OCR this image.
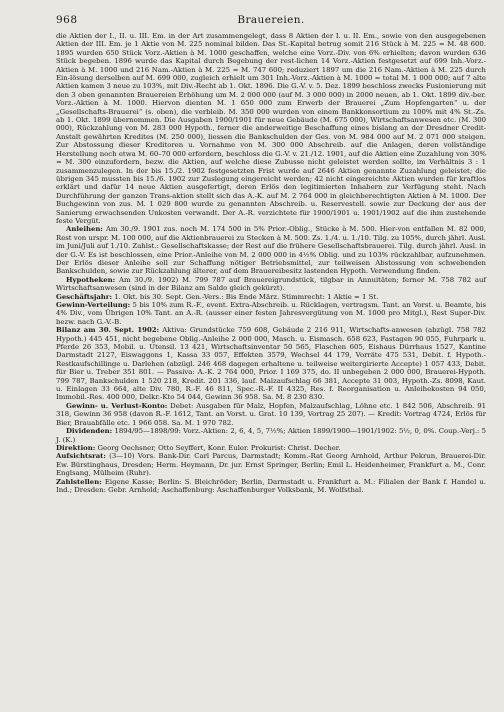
968	Brauereien.

die Aktien der I., II. u. III. Em. in der Art zusammengelegt, dass 8 Aktien der I. u. II. Em., sowie von den ausgegebenen Aktien der III. Em. je 1 Aktie von M. 225 nominal bilden. Das St.-Kapital betrug somit 216 Stück à M. 225 = M. 48 600. 1895 wurden 650 Stück Vorz.-Aktien à M. 1000 geschaffen, welche eine Vorz.-Div. von 6% erhielten; davon wurden 636 Stück begeben. 1896 wurde das Kapital durch Begebung der rest-lichen 14 Vorz.-Aktien festgesetzt auf 699 Inh.-Vorz.-Aktien à M. 1000 und 216 Nam.-Aktien à M. 225 = M. 747 600; reduziert 1897 um die 216 Nam.-Aktien à M. 225 durch Ein-lösung derselben auf M. 699 000, zugleich erhielt um 301 Inh.-Vorz.-Aktien à M. 1000 = total M. 1 000 000; auf 7 alte Aktien kamen 3 neue zu 103%, mit Div.-Recht ab 1. Okt. 1896. Die G.-V. v. 5. Dez. 1899 beschloss zwecks Fusionierung mit den 3 oben genannten Brauereien Erhöhung um M. 2 000 000 (auf M. 3 000 000) in 2000 neuen, ab 1. Okt. 1899 div.-ber. Vorz.-Aktien à M. 1000. Hiervon dienten M. 1 650 000 zum Erwerb der Brauerei „Zum Hopfengarten“ u. der „Gesellschafts-Brauerei“ (s. oben), die verbleib. M. 350 000 wurden von einem Bankkonsortium zu 100% mit 4% St.-Zs. ab 1. Okt. 1899 übernommen. Die Ausgaben 1900/1901 für neue Gebäude (M. 675 000), Wirtschaftsanwesen etc. (M. 300 000), Rückzahlung von M. 283 000 Hypoth., ferner die anderweitige Beschaffung eines bislang an der Dresdner Credit-Anstalt gewährten Kredites (M. 250 000), liessen die Bankschulden der Ges. von M. 984 000 auf M. 2 071 000 steigen. Zur Abstossung dieser Kreditoren u. Vornahme von M. 300 000 Abschreib. auf die Anlagen, deren vollständige Herstellung noch etwa M. 60–70 000 erfordern, beschloss die G.-V. v. 21./12. 1901, auf die Aktien eine Zuzahlung von 30% = M. 300 einzufordern, bezw. die Aktien, auf welche diese Zubusse nicht geleistet werden sollte, im Verhältnis 3 : 1 zusammenzulegen. In der bis 15./2. 1902 festgesetzten Frist wurde auf 2646 Aktien genannte Zuzahlung geleistet; die übrigen 345 mussten bis 15./6. 1902 zur Zuslegung eingereicht werden; 42 nicht eingereichte Aktien wurden für kraftlos erklärt und dafür 14 neue Aktien ausgefertigt, deren Erlös den legitimierten Inhabern zur Verfügung steht. Nach Durchführung der ganzen Trans-aktion stellt sich das A.-K. auf M. 2 764 000 in gleichberechtigten Aktien à M. 1000. Der Buchgewinn von zus. M. 1 029 800 wurde zu genannten Abschreib. u. Reservestell. sowie zur Deckung der aus der Sanierung erwachsenden Unkosten verwandt. Der A.-R. verzichtete für 1900/1901 u. 1901/1902 auf die ihm zustehende feste Vergüt.

Anleihen: Am 30./9. 1901 zus. noch M. 174 500 in 5% Prior.-Oblig., Stücke à M. 500. Hier-von entfallen M. 82 000, Rest von urspr. M. 100 000, auf die Aktienbrauerei zu Stecken à M. 500. Zs. 1./4. u. 1./10. Tilg. zu 105%, durch jährl. Ausl. im Juni/Juli auf 1./10. Zahlst.: Gesellschaftskasse; der Rest auf die frühere Gesellschaftsbrauerei. Tilg. durch jährl. Ausl. in der G.-V. Es ist beschlossen, eine Prior.-Anleihe von M. 2 000 000 in 4½% Oblig. und zu 103% rückzahlbar, aufzunehmen. Der Erlös dieser Anleihe soll zur Schaffung nötiger Betriebsmittel, zur teilweisen Abstossung von schwebenden Bankschulden, sowie zur Rückzahlung älterer, auf dem Brauereibesitz lastenden Hypoth. Verwendung finden.

Hypotheken: Am 30./9. 1902) M. 799 787 auf Brauereigrundstück, tilgbar in Annuitäten; ferner M. 758 782 auf Wirtschaftsanwesen (sind in der Bilanz am Saldo gleich gekürzt).

Geschäftsjahr: 1. Okt. bis 30. Sept. Gen.-Vers.: Bis Ende März. Stimmrecht: 1 Aktie = 1 St.

Gewinn-Verteilung: 5 bis 10% zum R.-F., event. Extra-Abschreib. u. Rücklagen, vertragsm. Tant. an Vorst. u. Beamte, bis 4% Div., vom Übrigen 10% Tant. an A.-R. (ausser einer festen Jahresvergütung von M. 1000 pro Mitgl.), Rest Super-Div. bezw. nach G.-V.-B.

Bilanz am 30. Sept. 1902: Aktiva: Grundstücke 759 608, Gebäude 2 216 911, Wirtschafts-anwesen (abzügl. 758 782 Hypoth.) 445 451, nicht begebene Oblig.-Anleihe 2 000 000, Masch. u. Eismasch. 658 623, Fastagen 90 055, Fuhrpark u. Pferde 26 353, Mobil. u. Utensil. 13 421, Wirtschaftsinventar 50 565, Flaschen 605, Eishaus Dürrhaus 1527, Kantine Darmstadt 2127, Eiswaggons 1, Kassa 33 057, Effekten 3579, Wechsel 44 179, Vorräte 475 531, Debit. f. Hypoth.-Restkaufschillinge u. Darlehen (abzügl. 246 468 dagegen erhaltene u. teilweise weitergirierte Accepte) 1 057 433, Debit. für Bier u. Treber 351 801. — Passiva: A.-K. 2 764 000, Prior. I 169 375, do. II unbegeben 2 000 000, Brauerei-Hypoth. 799 787, Bankschulden 1 520 218, Kredit. 201 336, lauf. Malzaufschlag 66 381, Accepte 31 003, Hypoth.-Zs. 8098, Kaut. u. Einlagen 33 664, alte Div. 780, R.-F. 46 811, Spec.-R.-F. II 4325, Res. f. Reorganisation u. Anleihekosten 94 050, Immobil.-Res. 400 000, Delkr.-Kto 54 044, Gewinn 36 958. Sa. M. 8 230 830.

Gewinn- u. Verlust-Konto: Debet: Ausgaben für Malz, Hopfen, Malzaufschlag, Löhne etc. 1 842 506, Abschreib. 91 318, Gewinn 36 958 (davon R.-F. 1612, Tant. an Vorst. u. Grat. 10 139, Vortrag 25 207). — Kredit: Vortrag 4724, Erlös für Bier, Brauabfälle etc. 1 966 058. Sa. M. 1 970 782.

Dividenden: 1894/95—1898/99: Vorz.-Aktien: 2, 6, 4, 5, 7½%; Aktien 1899/1900—1901/1902: 5½, 0, 0%. Coup.-Verj.: 5 J. (K.)

Direktion: Georg Oechsner, Otto Seyffert, Konr. Euler. Prokurist: Christ. Decher.

Aufsichtsrat: (3—10) Vors. Bank-Dir. Carl Parcus, Darmstadt; Komm.-Rat Georg Arnhold, Arthur Pekrun, Brauerei-Dir. Ew. Bürstinghaus, Dresden; Herm. Heymann, Dr. jur. Ernst Springer, Berlin; Emil L. Heidenheimer, Frankfurt a. M., Conr. Englsang, Mülheim (Ruhr).

Zahlstellen: Eigene Kasse; Berlin: S. Bleichröder; Berlin, Darmstadt u. Frankfurt a. M.: Filialen der Bank f. Handel u. Ind.; Dresden: Gebr. Arnhold; Aschaffenburg: Aschaffenburger Volksbank, M. Wolfsthal.
